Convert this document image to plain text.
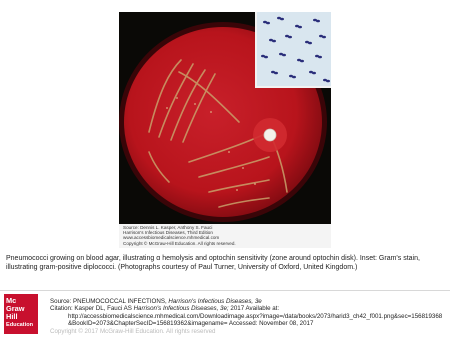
Source: Dennis L. Kasper, Anthony S. Fauci
Harrison's Infectious Diseases, Third Edition
www.accessbiomedicalscience.mhmedical.com
Copyright © McGraw-Hill Education. All rights reserved.
Pneumococci growing on blood agar, illustrating α hemolysis and optochin sensitivity (zone around optochin disk). Inset: Gram's stain, illustrating gram-positive diplococci. (Photographs courtesy of Paul Turner, University of Oxford, United Kingdom.)
Mc
Graw
Hill
Education
Source: PNEUMOCOCCAL INFECTIONS, Harrison's Infectious Diseases, 3e
Citation: Kasper DL, Fauci AS Harrison's Infectious Diseases, 3e; 2017 Available at:
http://accessbiomedicalscience.mhmedical.com/Downloadimage.aspx?image=/data/books/2073/harid3_ch42_f001.png&sec=156819368
&BookID=2073&ChapterSecID=156819362&imagename= Accessed: November 08, 2017
Copyright © 2017 McGraw-Hill Education. All rights reserved
